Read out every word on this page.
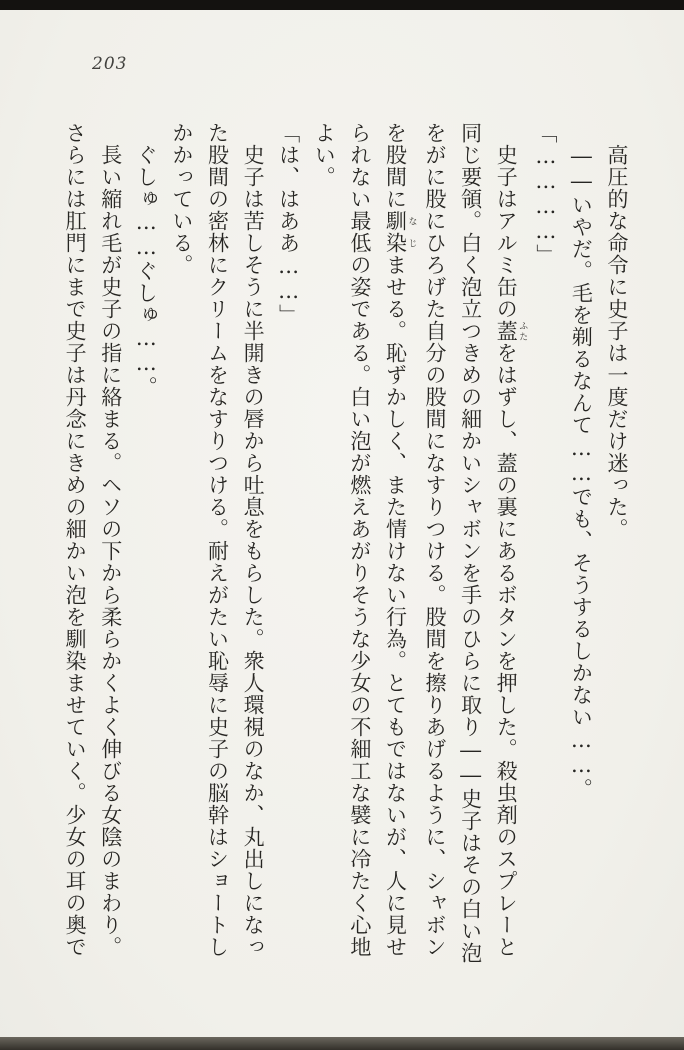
203
高圧的な命令に史子は一度だけ迷った。
――いやだ。毛を剃るなんて……でも、そうするしかない……。
「…………」
史子はアルミ缶の蓋 ふたをはずし、蓋の裏にあるボタンを押した。殺虫剤のスプレーと
同じ要領。白く泡立つきめの細かいシャボンを手のひらに取り――史子はその白い泡
をがに股にひろげた自分の股間になすりつける。股間を擦りあげるように、シャボン
を股間に馴染 なじませる。恥ずかしく、また情けない行為。とてもではないが、人に見せ
られない最低の姿である。白い泡が燃えあがりそうな少女の不細工な襞に冷たく心地
よい。
「は、はああ……」
史子は苦しそうに半開きの唇から吐息をもらした。衆人環視のなか、丸出しになっ
た股間の密林にクリームをなすりつける。耐えがたい恥辱に史子の脳幹はショートし
かかっている。
ぐしゅ……ぐしゅ……。
長い縮れ毛が史子の指に絡まる。ヘソの下から柔らかくよく伸びる女陰のまわり。
さらには肛門にまで史子は丹念にきめの細かい泡を馴染ませていく。少女の耳の奥で
